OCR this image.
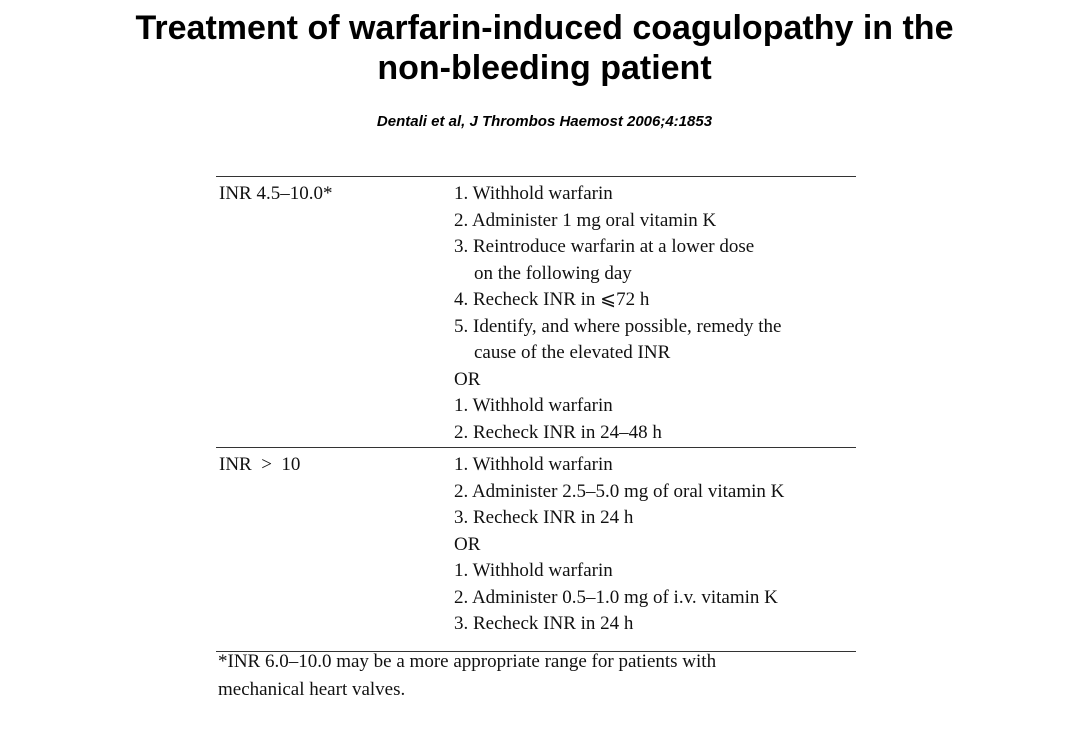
Treatment of warfarin-induced coagulopathy in the
non-bleeding patient
Dentali et al, J Thrombos Haemost 2006;4:1853
INR 4.5–10.0*	1. Withhold warfarin
2. Administer 1 mg oral vitamin K
3. Reintroduce warfarin at a lower dose
on the following day
4. Recheck INR in ⩽72 h
5. Identify, and where possible, remedy the
cause of the elevated INR
OR
1. Withhold warfarin
2. Recheck INR in 24–48 h
INR  >  10	1. Withhold warfarin
2. Administer 2.5–5.0 mg of oral vitamin K
3. Recheck INR in 24 h
OR
1. Withhold warfarin
2. Administer 0.5–1.0 mg of i.v. vitamin K
3. Recheck INR in 24 h
*INR 6.0–10.0 may be a more appropriate range for patients with
mechanical heart valves.
